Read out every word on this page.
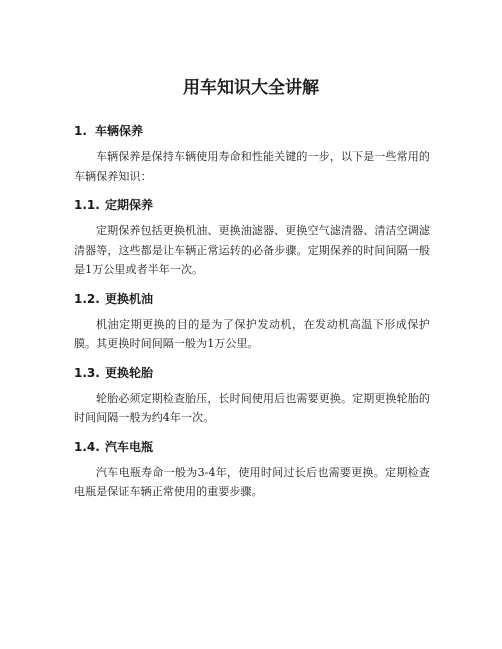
用车知识大全讲解
1. 车辆保养

车辆保养是保持车辆使用寿命和性能关键的一步，以下是一些常用的车辆保养知识：

1.1. 定期保养

定期保养包括更换机油、更换油滤器、更换空气滤清器、清洁空调滤清器等，这些都是让车辆正常运转的必备步骤。定期保养的时间间隔一般是1万公里或者半年一次。

1.2. 更换机油

机油定期更换的目的是为了保护发动机，在发动机高温下形成保护膜。其更换时间间隔一般为1万公里。

1.3. 更换轮胎

轮胎必须定期检查胎压，长时间使用后也需要更换。定期更换轮胎的时间间隔一般为约4年一次。

1.4. 汽车电瓶

汽车电瓶寿命一般为3-4年，使用时间过长后也需要更换。定期检查电瓶是保证车辆正常使用的重要步骤。
